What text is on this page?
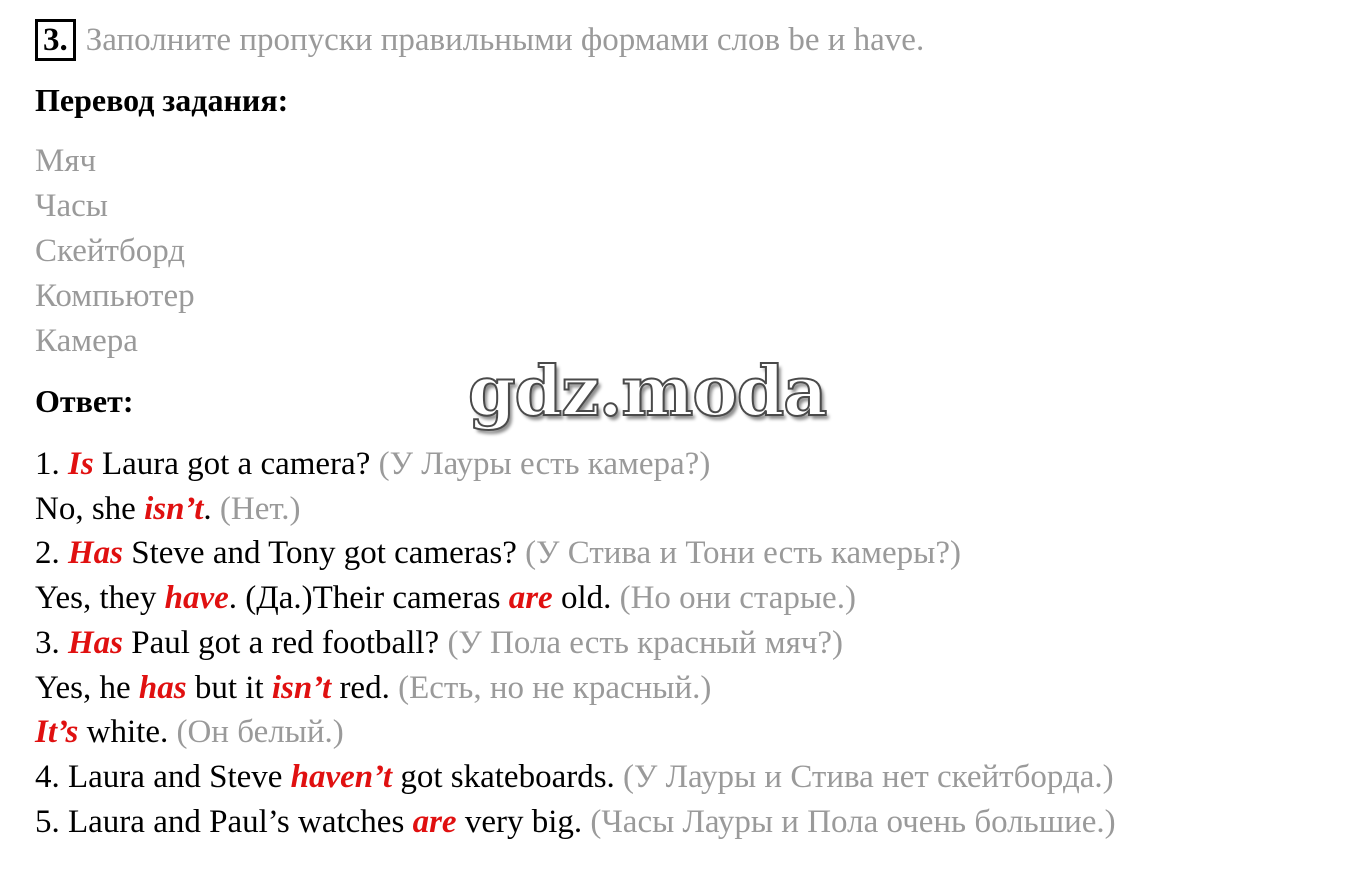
3. Заполните пропуски правильными формами слов be и have.
Перевод задания:
Мяч
Часы
Скейтборд
Компьютер
Камера
Ответ:
1. Is Laura got a camera? (У Лауры есть камера?)
No, she isn’t. (Нет.)
2. Has Steve and Tony got cameras? (У Стива и Тони есть камеры?)
Yes, they have. (Да.)Their cameras are old. (Но они старые.)
3. Has Paul got a red football? (У Пола есть красный мяч?)
Yes, he has but it isn’t red. (Есть, но не красный.)
It’s white. (Он белый.)
4. Laura and Steve haven’t got skateboards. (У Лауры и Стива нет скейтборда.)
5. Laura and Paul’s watches are very big. (Часы Лауры и Пола очень большие.)
gdz.moda
